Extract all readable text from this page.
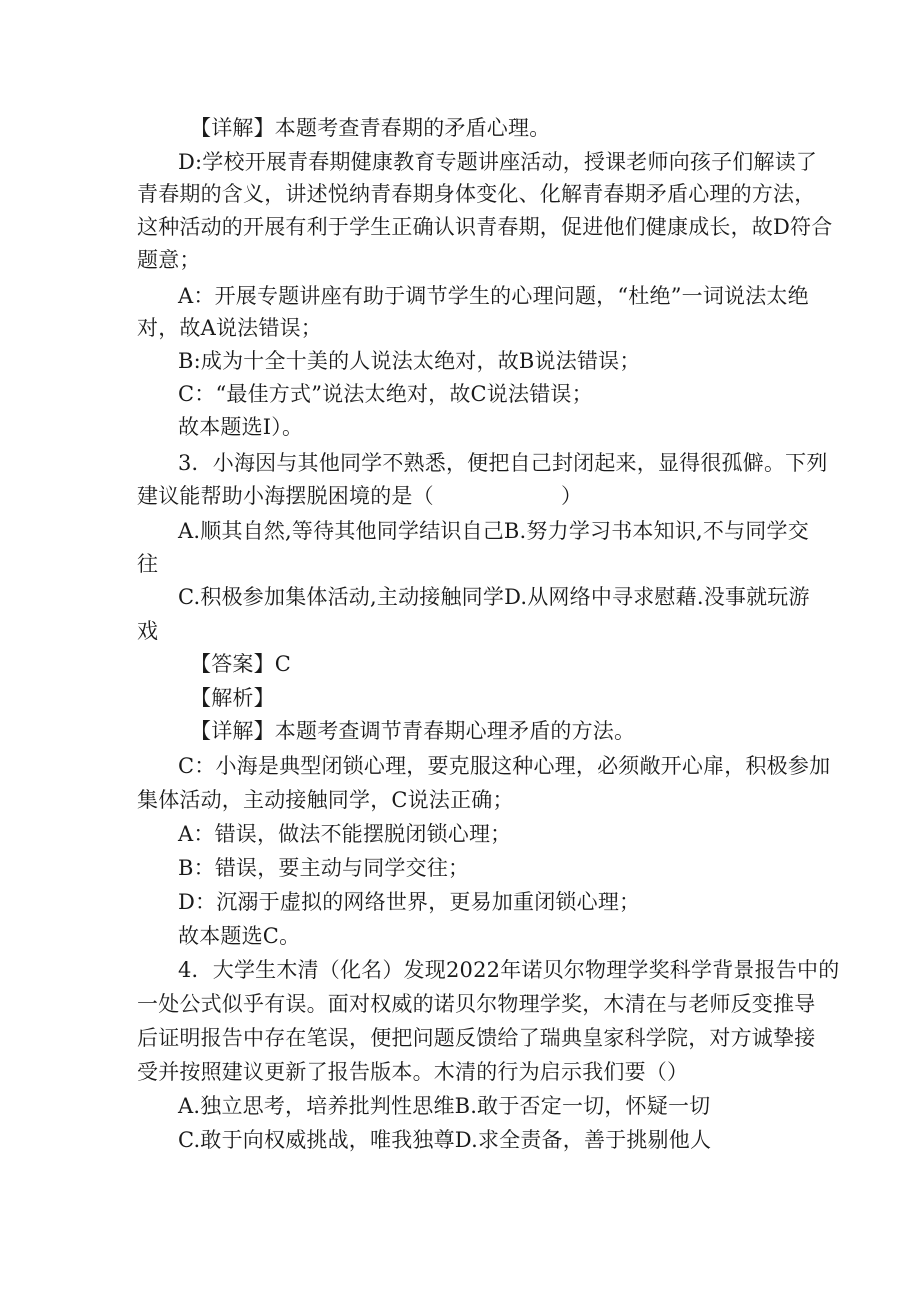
【详解】本题考查青春期的矛盾心理。
D:学校开展青春期健康教育专题讲座活动，授课老师向孩子们解读了
青春期的含义，讲述悦纳青春期身体变化、化解青春期矛盾心理的方法，
这种活动的开展有利于学生正确认识青春期，促进他们健康成长，故D符合
题意；
A：开展专题讲座有助于调节学生的心理问题，“杜绝”一词说法太绝
对，故A说法错误；
B:成为十全十美的人说法太绝对，故B说法错误；
C：“最佳方式”说法太绝对，故C说法错误；
故本题选I）。
3．小海因与其他同学不熟悉，便把自己封闭起来，显得很孤僻。下列
建议能帮助小海摆脱困境的是（　　　　　　）
A.顺其自然,等待其他同学结识自己B.努力学习书本知识,不与同学交
往
C.积极参加集体活动,主动接触同学D.从网络中寻求慰藉.没事就玩游
戏
【答案】C
【解析】
【详解】本题考查调节青春期心理矛盾的方法。
C：小海是典型闭锁心理，要克服这种心理，必须敞开心扉，积极参加
集体活动，主动接触同学，C说法正确；
A：错误，做法不能摆脱闭锁心理；
B：错误，要主动与同学交往；
D：沉溺于虚拟的网络世界，更易加重闭锁心理；
故本题选C。
4．大学生木清（化名）发现2022年诺贝尔物理学奖科学背景报告中的
一处公式似乎有误。面对权威的诺贝尔物理学奖，木清在与老师反变推导
后证明报告中存在笔误，便把问题反馈给了瑞典皇家科学院，对方诚挚接
受并按照建议更新了报告版本。木清的行为启示我们要（）
A.独立思考，培养批判性思维B.敢于否定一切，怀疑一切
C.敢于向权威挑战，唯我独尊D.求全责备，善于挑剔他人
